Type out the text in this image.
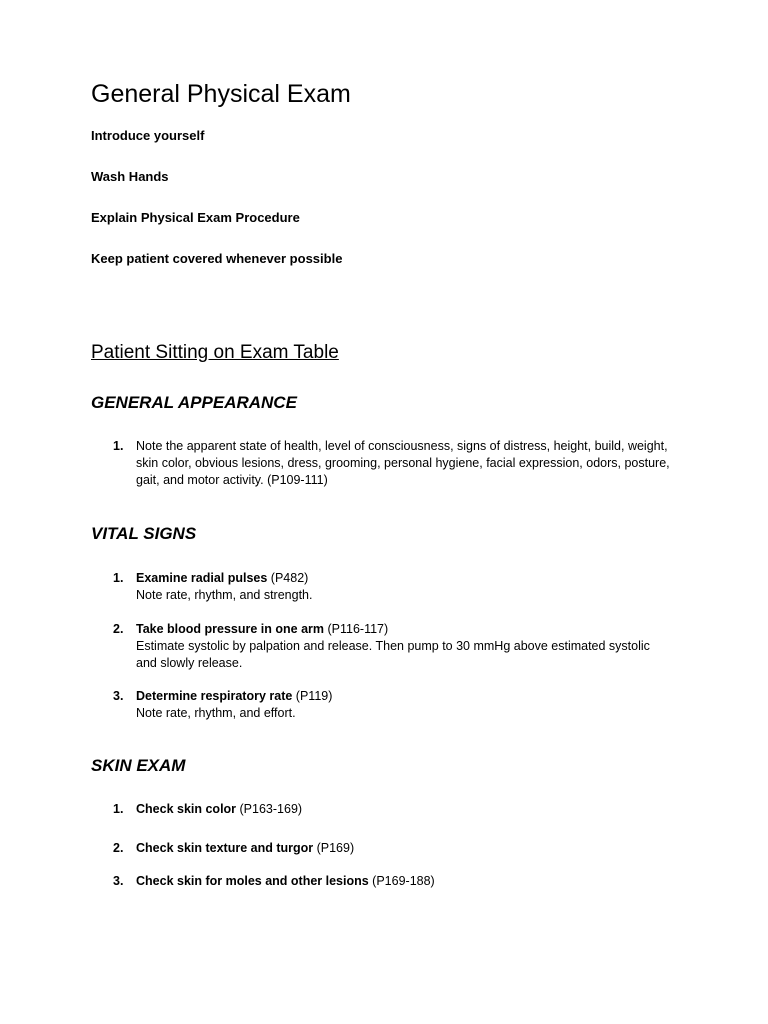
General Physical Exam
Introduce yourself
Wash Hands
Explain Physical Exam Procedure
Keep patient covered whenever possible
Patient Sitting on Exam Table
GENERAL APPEARANCE
1. Note the apparent state of health, level of consciousness, signs of distress, height, build, weight,
skin color, obvious lesions, dress, grooming, personal hygiene, facial expression, odors, posture,
gait, and motor activity. (P109-111)
VITAL SIGNS
1. Examine radial pulses (P482)
Note rate, rhythm, and strength.
2. Take blood pressure in one arm (P116-117)
Estimate systolic by palpation and release. Then pump to 30 mmHg above estimated systolic
and slowly release.
3. Determine respiratory rate (P119)
Note rate, rhythm, and effort.
SKIN EXAM
1. Check skin color (P163-169)
2. Check skin texture and turgor (P169)
3. Check skin for moles and other lesions (P169-188)
